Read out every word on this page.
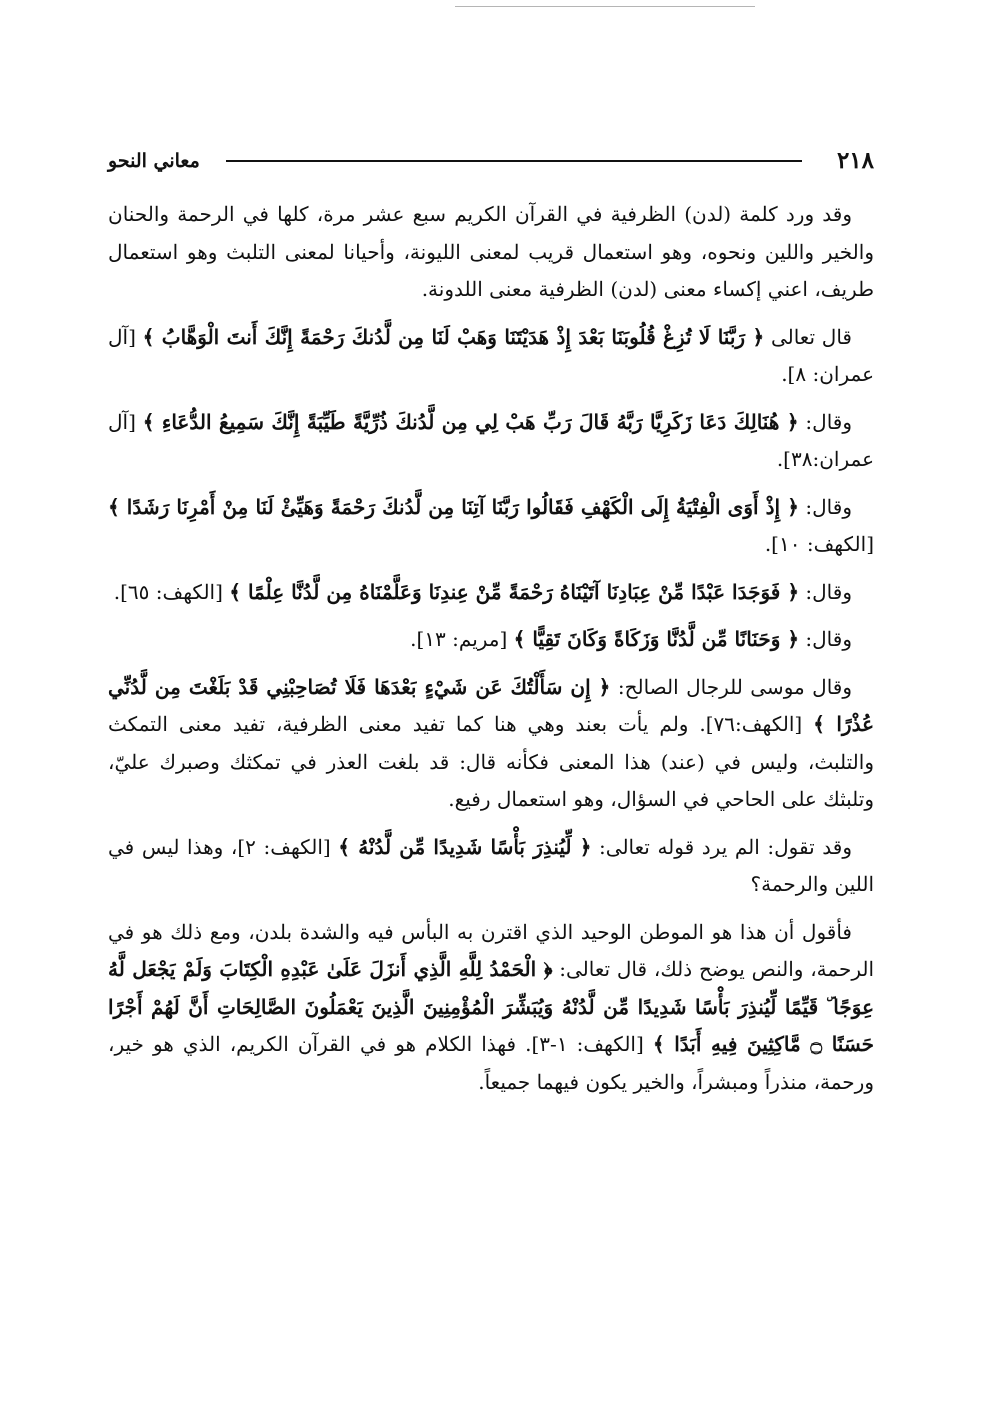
٢١٨
معاني النحو

وقد ورد كلمة (لدن) الظرفية في القرآن الكريم سبع عشر مرة، كلها في الرحمة والحنان والخير واللين ونحوه، وهو استعمال قريب لمعنى الليونة، وأحيانا لمعنى التلبث وهو استعمال طريف، اعني إكساء معنى (لدن) الظرفية معنى اللدونة.

قال تعالى ﴿ رَبَّنَا لَا تُزِغْ قُلُوبَنَا بَعْدَ إِذْ هَدَيْتَنَا وَهَبْ لَنَا مِن لَّدُنكَ رَحْمَةً إِنَّكَ أَنتَ الْوَهَّابُ ﴾ [آل عمران: ٨].

وقال: ﴿ هُنَالِكَ دَعَا زَكَرِيَّا رَبَّهُ قَالَ رَبِّ هَبْ لِي مِن لَّدُنكَ ذُرِّيَّةً طَيِّبَةً إِنَّكَ سَمِيعُ الدُّعَاءِ ﴾ [آل عمران:٣٨].

وقال: ﴿ إِذْ أَوَى الْفِتْيَةُ إِلَى الْكَهْفِ فَقَالُوا رَبَّنَا آتِنَا مِن لَّدُنكَ رَحْمَةً وَهَيِّئْ لَنَا مِنْ أَمْرِنَا رَشَدًا ﴾ [الكهف: ١٠].

وقال: ﴿ فَوَجَدَا عَبْدًا مِّنْ عِبَادِنَا آتَيْنَاهُ رَحْمَةً مِّنْ عِندِنَا وَعَلَّمْنَاهُ مِن لَّدُنَّا عِلْمًا ﴾ [الكهف: ٦٥].

وقال: ﴿ وَحَنَانًا مِّن لَّدُنَّا وَزَكَاةً وَكَانَ تَقِيًّا ﴾ [مريم: ١٣].

وقال موسى للرجال الصالح: ﴿ إِن سَأَلْتُكَ عَن شَيْءٍ بَعْدَهَا فَلَا تُصَاحِبْنِي قَدْ بَلَغْتَ مِن لَّدُنِّي عُذْرًا ﴾ [الكهف:٧٦]. ولم يأت بعند وهي هنا كما تفيد معنى الظرفية، تفيد معنى التمكث والتلبث، وليس في (عند) هذا المعنى فكأنه قال: قد بلغت العذر في تمكثك وصبرك عليّ، وتلبثك على الحاحي في السؤال، وهو استعمال رفيع.

وقد تقول: الم يرد قوله تعالى: ﴿ لِّيُنذِرَ بَأْسًا شَدِيدًا مِّن لَّدُنْهُ ﴾ [الكهف: ٢]، وهذا ليس في اللين والرحمة؟

فأقول أن هذا هو الموطن الوحيد الذي اقترن به البأس فيه والشدة بلدن، ومع ذلك هو في الرحمة، والنص يوضح ذلك، قال تعالى: ﴿ الْحَمْدُ لِلَّهِ الَّذِي أَنزَلَ عَلَىٰ عَبْدِهِ الْكِتَابَ وَلَمْ يَجْعَل لَّهُ عِوَجًا ۜ قَيِّمًا لِّيُنذِرَ بَأْسًا شَدِيدًا مِّن لَّدُنْهُ وَيُبَشِّرَ الْمُؤْمِنِينَ الَّذِينَ يَعْمَلُونَ الصَّالِحَاتِ أَنَّ لَهُمْ أَجْرًا حَسَنًا ۝ مَّاكِثِينَ فِيهِ أَبَدًا ﴾ [الكهف: ١-٣]. فهذا الكلام هو في القرآن الكريم، الذي هو خير، ورحمة، منذراً ومبشراً، والخير يكون فيهما جميعاً.
